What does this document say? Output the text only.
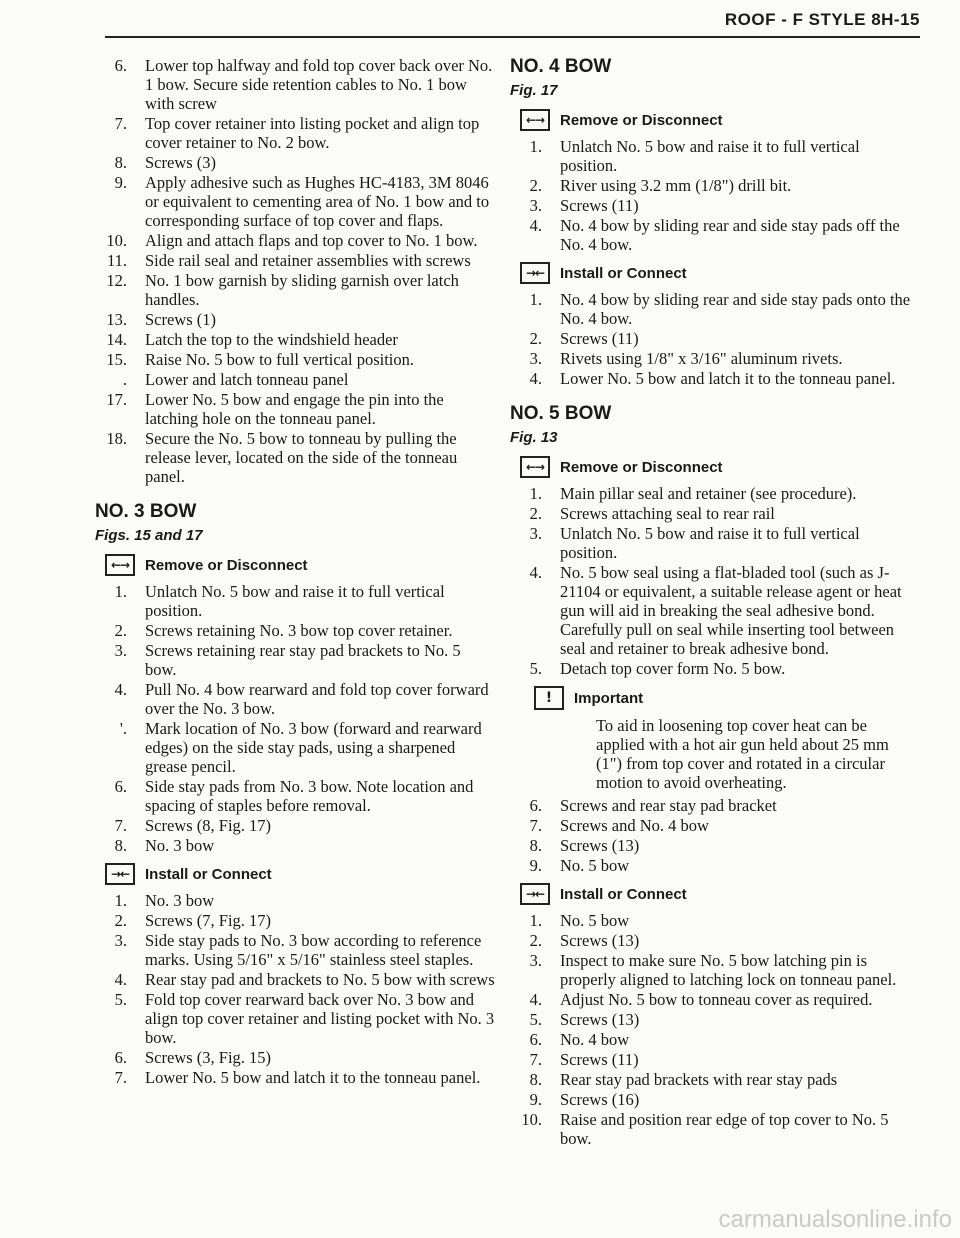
ROOF - F STYLE 8H-15
6. Lower top halfway and fold top cover back over No. 1 bow. Secure side retention cables to No. 1 bow with screw
7. Top cover retainer into listing pocket and align top cover retainer to No. 2 bow.
8. Screws (3)
9. Apply adhesive such as Hughes HC-4183, 3M 8046 or equivalent to cementing area of No. 1 bow and to corresponding surface of top cover and flaps.
10. Align and attach flaps and top cover to No. 1 bow.
11. Side rail seal and retainer assemblies with screws
12. No. 1 bow garnish by sliding garnish over latch handles.
13. Screws (1)
14. Latch the top to the windshield header
15. Raise No. 5 bow to full vertical position.
. Lower and latch tonneau panel
17. Lower No. 5 bow and engage the pin into the latching hole on the tonneau panel.
18. Secure the No. 5 bow to tonneau by pulling the release lever, located on the side of the tonneau panel.
NO. 3 BOW
Figs. 15 and 17
←→	Remove or Disconnect
1. Unlatch No. 5 bow and raise it to full vertical position.
2. Screws retaining No. 3 bow top cover retainer.
3. Screws retaining rear stay pad brackets to No. 5 bow.
4. Pull No. 4 bow rearward and fold top cover forward over the No. 3 bow.
'. Mark location of No. 3 bow (forward and rearward edges) on the side stay pads, using a sharpened grease pencil.
6. Side stay pads from No. 3 bow. Note location and spacing of staples before removal.
7. Screws (8, Fig. 17)
8. No. 3 bow
→←	Install or Connect
1. No. 3 bow
2. Screws (7, Fig. 17)
3. Side stay pads to No. 3 bow according to reference marks. Using 5/16" x 5/16" stainless steel staples.
4. Rear stay pad and brackets to No. 5 bow with screws
5. Fold top cover rearward back over No. 3 bow and align top cover retainer and listing pocket with No. 3 bow.
6. Screws (3, Fig. 15)
7. Lower No. 5 bow and latch it to the tonneau panel.
NO. 4 BOW
Fig. 17
←→	Remove or Disconnect
1. Unlatch No. 5 bow and raise it to full vertical position.
2. River using 3.2 mm (1/8") drill bit.
3. Screws (11)
4. No. 4 bow by sliding rear and side stay pads off the No. 4 bow.
→←	Install or Connect
1. No. 4 bow by sliding rear and side stay pads onto the No. 4 bow.
2. Screws (11)
3. Rivets using 1/8" x 3/16" aluminum rivets.
4. Lower No. 5 bow and latch it to the tonneau panel.
NO. 5 BOW
Fig. 13
←→	Remove or Disconnect
1. Main pillar seal and retainer (see procedure).
2. Screws attaching seal to rear rail
3. Unlatch No. 5 bow and raise it to full vertical position.
4. No. 5 bow seal using a flat-bladed tool (such as J-21104 or equivalent, a suitable release agent or heat gun will aid in breaking the seal adhesive bond. Carefully pull on seal while inserting tool between seal and retainer to break adhesive bond.
5. Detach top cover form No. 5 bow.
!	Important
To aid in loosening top cover heat can be applied with a hot air gun held about 25 mm (1") from top cover and rotated in a circular motion to avoid overheating.
6. Screws and rear stay pad bracket
7. Screws and No. 4 bow
8. Screws (13)
9. No. 5 bow
→←	Install or Connect
1. No. 5 bow
2. Screws (13)
3. Inspect to make sure No. 5 bow latching pin is properly aligned to latching lock on tonneau panel.
4. Adjust No. 5 bow to tonneau cover as required.
5. Screws (13)
6. No. 4 bow
7. Screws (11)
8. Rear stay pad brackets with rear stay pads
9. Screws (16)
10. Raise and position rear edge of top cover to No. 5 bow.
carmanualsonline.info
